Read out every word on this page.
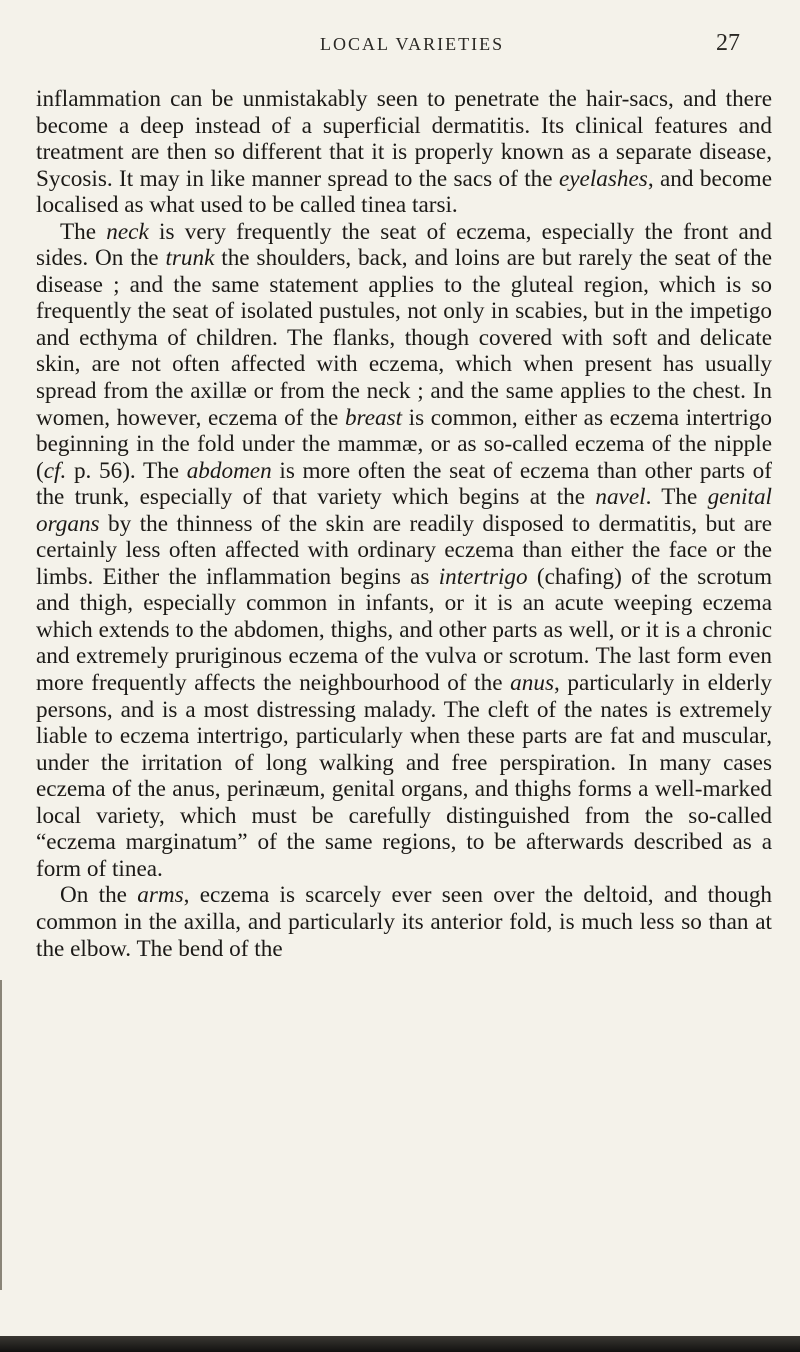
LOCAL VARIETIES	27

inflammation can be unmistakably seen to penetrate the hair-sacs, and there become a deep instead of a superficial dermatitis. Its clinical features and treatment are then so different that it is properly known as a separate disease, Sycosis. It may in like manner spread to the sacs of the eyelashes, and become localised as what used to be called tinea tarsi.

The neck is very frequently the seat of eczema, especially the front and sides. On the trunk the shoulders, back, and loins are but rarely the seat of the disease ; and the same statement applies to the gluteal region, which is so frequently the seat of isolated pustules, not only in scabies, but in the impetigo and ecthyma of children. The flanks, though covered with soft and delicate skin, are not often affected with eczema, which when present has usually spread from the axillæ or from the neck ; and the same applies to the chest. In women, however, eczema of the breast is common, either as eczema intertrigo beginning in the fold under the mammæ, or as so-called eczema of the nipple (cf. p. 56). The abdomen is more often the seat of eczema than other parts of the trunk, especially of that variety which begins at the navel. The genital organs by the thinness of the skin are readily disposed to dermatitis, but are certainly less often affected with ordinary eczema than either the face or the limbs. Either the inflammation begins as intertrigo (chafing) of the scrotum and thigh, especially common in infants, or it is an acute weeping eczema which extends to the abdomen, thighs, and other parts as well, or it is a chronic and extremely pruriginous eczema of the vulva or scrotum. The last form even more frequently affects the neighbourhood of the anus, particularly in elderly persons, and is a most distressing malady. The cleft of the nates is extremely liable to eczema intertrigo, particularly when these parts are fat and muscular, under the irritation of long walking and free perspiration. In many cases eczema of the anus, perinæum, genital organs, and thighs forms a well-marked local variety, which must be carefully distinguished from the so-called “eczema marginatum” of the same regions, to be afterwards described as a form of tinea.

On the arms, eczema is scarcely ever seen over the deltoid, and though common in the axilla, and particularly its anterior fold, is much less so than at the elbow. The bend of the
